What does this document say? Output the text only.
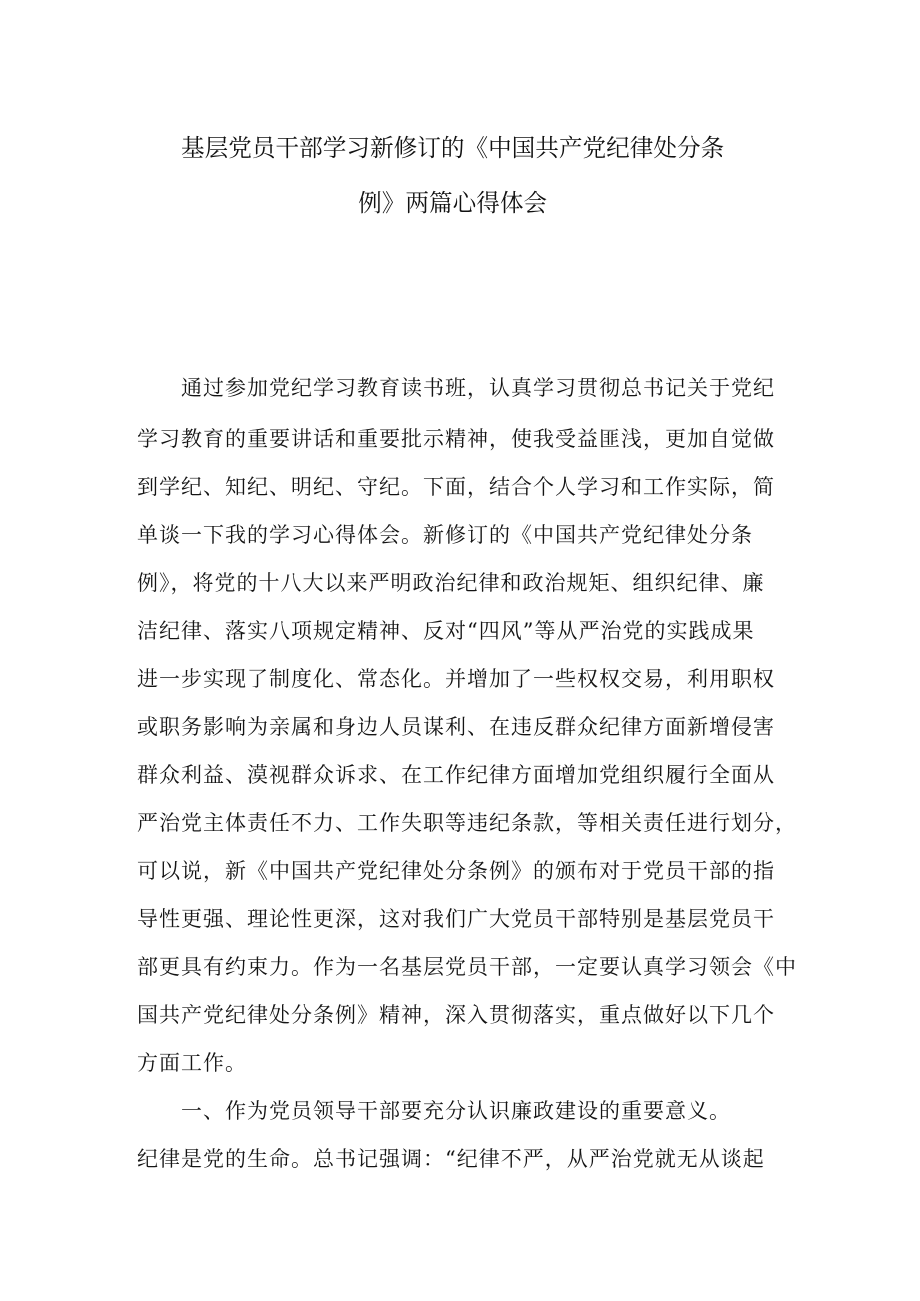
基层党员干部学习新修订的《中国共产党纪律处分条
例》两篇心得体会
通过参加党纪学习教育读书班，认真学习贯彻总书记关于党纪
学习教育的重要讲话和重要批示精神，使我受益匪浅，更加自觉做
到学纪、知纪、明纪、守纪。下面，结合个人学习和工作实际，简
单谈一下我的学习心得体会。新修订的《中国共产党纪律处分条
例》，将党的十八大以来严明政治纪律和政治规矩、组织纪律、廉
洁纪律、落实八项规定精神、反对“四风”等从严治党的实践成果
进一步实现了制度化、常态化。并增加了一些权权交易，利用职权
或职务影响为亲属和身边人员谋利、在违反群众纪律方面新增侵害
群众利益、漠视群众诉求、在工作纪律方面增加党组织履行全面从
严治党主体责任不力、工作失职等违纪条款，等相关责任进行划分，
可以说，新《中国共产党纪律处分条例》的颁布对于党员干部的指
导性更强、理论性更深，这对我们广大党员干部特别是基层党员干
部更具有约束力。作为一名基层党员干部，一定要认真学习领会《中
国共产党纪律处分条例》精神，深入贯彻落实，重点做好以下几个
方面工作。
一、作为党员领导干部要充分认识廉政建设的重要意义。
纪律是党的生命。总书记强调：“纪律不严，从严治党就无从谈起
